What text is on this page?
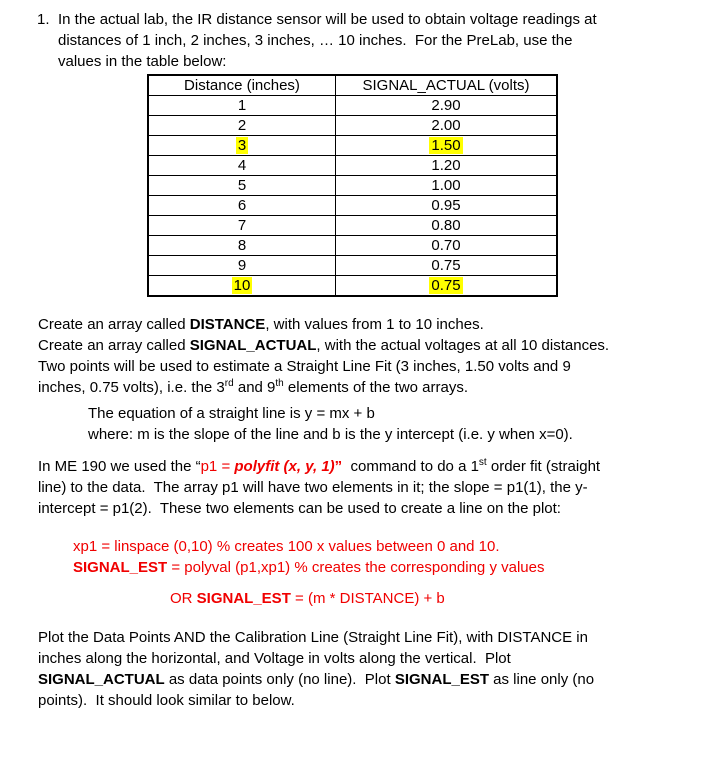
1. In the actual lab, the IR distance sensor will be used to obtain voltage readings at
distances of 1 inch, 2 inches, 3 inches, … 10 inches.  For the PreLab, use the
values in the table below:
Distance (inches)	SIGNAL_ACTUAL (volts)
1	2.90
2	2.00
3	1.50
4	1.20
5	1.00
6	0.95
7	0.80
8	0.70
9	0.75
10	0.75
Create an array called DISTANCE, with values from 1 to 10 inches.
Create an array called SIGNAL_ACTUAL, with the actual voltages at all 10 distances.
Two points will be used to estimate a Straight Line Fit (3 inches, 1.50 volts and 9
inches, 0.75 volts), i.e. the 3rd and 9th elements of the two arrays.
The equation of a straight line is y = mx + b
where: m is the slope of the line and b is the y intercept (i.e. y when x=0).
In ME 190 we used the “p1 = polyfit (x, y, 1)”  command to do a 1st order fit (straight
line) to the data.  The array p1 will have two elements in it; the slope = p1(1), the y-
intercept = p1(2).  These two elements can be used to create a line on the plot:
xp1 = linspace (0,10) % creates 100 x values between 0 and 10.
SIGNAL_EST = polyval (p1,xp1) % creates the corresponding y values
OR SIGNAL_EST = (m * DISTANCE) + b
Plot the Data Points AND the Calibration Line (Straight Line Fit), with DISTANCE in
inches along the horizontal, and Voltage in volts along the vertical.  Plot
SIGNAL_ACTUAL as data points only (no line).  Plot SIGNAL_EST as line only (no
points).  It should look similar to below.
